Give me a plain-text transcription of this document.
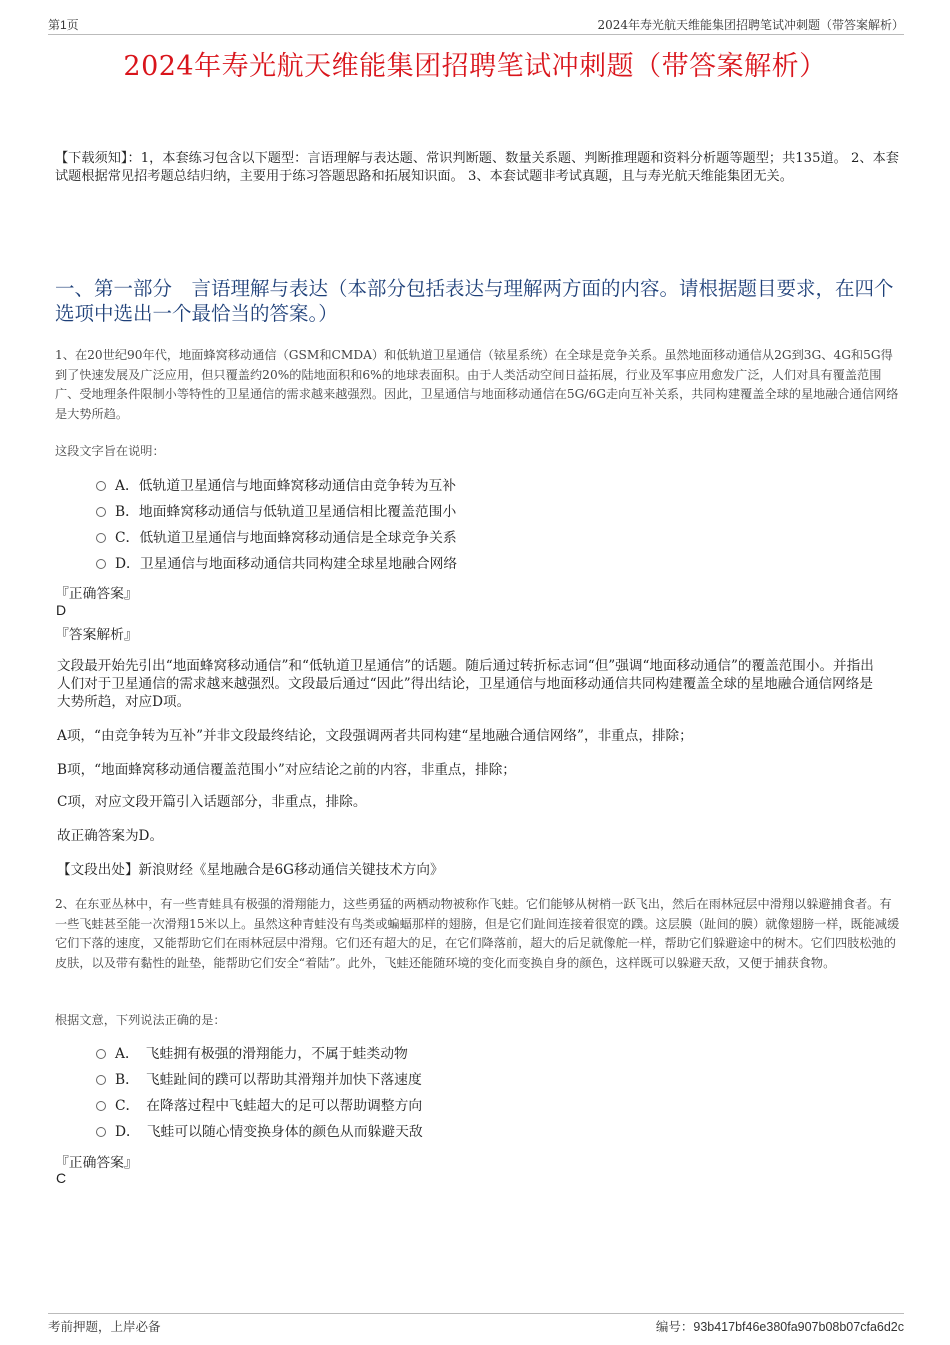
第1页	2024年寿光航天维能集团招聘笔试冲刺题（带答案解析）
2024年寿光航天维能集团招聘笔试冲刺题（带答案解析）
【下载须知】：1，本套练习包含以下题型：言语理解与表达题、常识判断题、数量关系题、判断推理题和资料分析题等题型；共135道。 2、本套试题根据常见招考题总结归纳，主要用于练习答题思路和拓展知识面。 3、本套试题非考试真题，且与寿光航天维能集团无关。
一、第一部分　言语理解与表达（本部分包括表达与理解两方面的内容。请根据题目要求，在四个选项中选出一个最恰当的答案。）
1、在20世纪90年代，地面蜂窝移动通信（GSM和CMDA）和低轨道卫星通信（铱星系统）在全球是竞争关系。虽然地面移动通信从2G到3G、4G和5G得到了快速发展及广泛应用，但只覆盖约20%的陆地面积和6%的地球表面积。由于人类活动空间日益拓展，行业及军事应用愈发广泛，人们对具有覆盖范围广、受地理条件限制小等特性的卫星通信的需求越来越强烈。因此，卫星通信与地面移动通信在5G/6G走向互补关系，共同构建覆盖全球的星地融合通信网络是大势所趋。
这段文字旨在说明：
A．低轨道卫星通信与地面蜂窝移动通信由竞争转为互补
B．地面蜂窝移动通信与低轨道卫星通信相比覆盖范围小
C．低轨道卫星通信与地面蜂窝移动通信是全球竞争关系
D．卫星通信与地面移动通信共同构建全球星地融合网络
『正确答案』
D
『答案解析』
文段最开始先引出“地面蜂窝移动通信”和“低轨道卫星通信”的话题。随后通过转折标志词“但”强调“地面移动通信”的覆盖范围小。并指出人们对于卫星通信的需求越来越强烈。文段最后通过“因此”得出结论，卫星通信与地面移动通信共同构建覆盖全球的星地融合通信网络是大势所趋，对应D项。
A项，“由竞争转为互补”并非文段最终结论，文段强调两者共同构建“星地融合通信网络”，非重点，排除；
B项，“地面蜂窝移动通信覆盖范围小”对应结论之前的内容，非重点，排除；
C项，对应文段开篇引入话题部分，非重点，排除。
故正确答案为D。
【文段出处】新浪财经《星地融合是6G移动通信关键技术方向》
2、在东亚丛林中，有一些青蛙具有极强的滑翔能力，这些勇猛的两栖动物被称作飞蛙。它们能够从树梢一跃飞出，然后在雨林冠层中滑翔以躲避捕食者。有一些飞蛙甚至能一次滑翔15米以上。虽然这种青蛙没有鸟类或蝙蝠那样的翅膀，但是它们趾间连接着很宽的蹼。这层膜（趾间的膜）就像翅膀一样，既能减缓它们下落的速度，又能帮助它们在雨林冠层中滑翔。它们还有超大的足，在它们降落前，超大的后足就像舵一样，帮助它们躲避途中的树木。它们四肢松弛的皮肤，以及带有黏性的趾垫，能帮助它们安全“着陆”。此外，飞蛙还能随环境的变化而变换自身的颜色，这样既可以躲避天敌，又便于捕获食物。
根据文意，下列说法正确的是：
A．　飞蛙拥有极强的滑翔能力，不属于蛙类动物
B．　飞蛙趾间的蹼可以帮助其滑翔并加快下落速度
C．　在降落过程中飞蛙超大的足可以帮助调整方向
D．　飞蛙可以随心情变换身体的颜色从而躲避天敌
『正确答案』
C
考前押题，上岸必备	编号：93b417bf46e380fa907b08b07cfa6d2c
